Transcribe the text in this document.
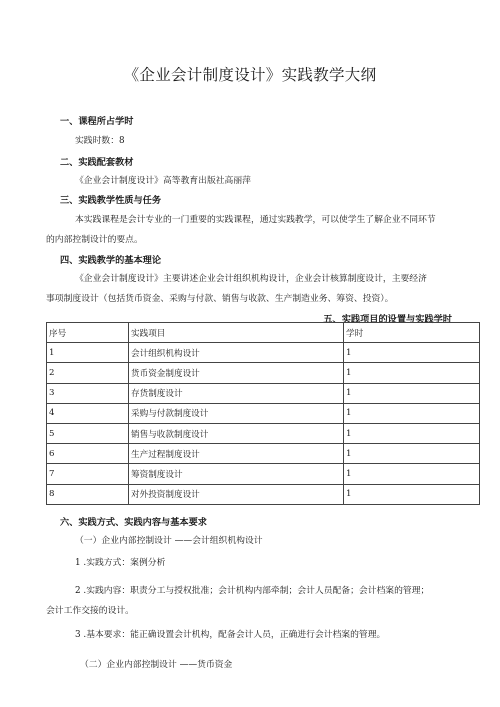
《企业会计制度设计》实践教学大纲
一、课程所占学时
实践时数：8
二、实践配套教材
《企业会计制度设计》高等教育出版社高丽萍
三、实践教学性质与任务
本实践课程是会计专业的一门重要的实践课程，通过实践教学，可以使学生了解企业不同环节
的内部控制设计的要点。
四、实践教学的基本理论
《企业会计制度设计》主要讲述企业会计组织机构设计，企业会计核算制度设计，主要经济
事项制度设计（包括货币资金、采购与付款、销售与收款、生产制造业务、筹资、投资）。
五、实践项目的设置与实践学时
序号	实践项目	学时
1	会计组织机构设计	1
2	货币资金制度设计	1
3	存货制度设计	1
4	采购与付款制度设计	1
5	销售与收款制度设计	1
6	生产过程制度设计	1
7	筹资制度设计	1
8	对外投资制度设计	1
六、实践方式、实践内容与基本要求
（一）企业内部控制设计 ——会计组织机构设计
1 .实践方式：案例分析
2 .实践内容：职责分工与授权批准；会计机构内部牵制；会计人员配备；会计档案的管理；
会计工作交接的设计。
3 .基本要求：能正确设置会计机构，配备会计人员，正确进行会计档案的管理。
（二）企业内部控制设计 ——货币资金
